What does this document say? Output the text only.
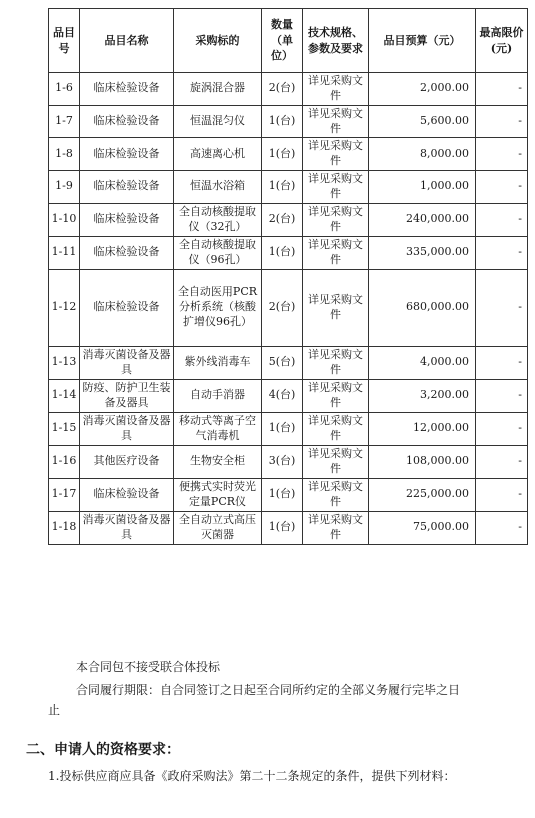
品目号	品目名称	采购标的	数量（单位）	技术规格、参数及要求	品目预算（元）	最高限价(元)
1-6	临床检验设备	旋涡混合器	2(台)	详见采购文件	2,000.00	-
1-7	临床检验设备	恒温混匀仪	1(台)	详见采购文件	5,600.00	-
1-8	临床检验设备	高速离心机	1(台)	详见采购文件	8,000.00	-
1-9	临床检验设备	恒温水浴箱	1(台)	详见采购文件	1,000.00	-
1-10	临床检验设备	全自动核酸提取仪（32孔）	2(台)	详见采购文件	240,000.00	-
1-11	临床检验设备	全自动核酸提取仪（96孔）	1(台)	详见采购文件	335,000.00	-
1-12	临床检验设备	全自动医用PCR分析系统（核酸扩增仪96孔）	2(台)	详见采购文件	680,000.00	-
1-13	消毒灭菌设备及器具	紫外线消毒车	5(台)	详见采购文件	4,000.00	-
1-14	防疫、防护卫生装备及器具	自动手消器	4(台)	详见采购文件	3,200.00	-
1-15	消毒灭菌设备及器具	移动式等离子空气消毒机	1(台)	详见采购文件	12,000.00	-
1-16	其他医疗设备	生物安全柜	3(台)	详见采购文件	108,000.00	-
1-17	临床检验设备	便携式实时荧光定量PCR仪	1(台)	详见采购文件	225,000.00	-
1-18	消毒灭菌设备及器具	全自动立式高压灭菌器	1(台)	详见采购文件	75,000.00	-
本合同包不接受联合体投标
合同履行期限：自合同签订之日起至合同所约定的全部义务履行完毕之日
止
二、申请人的资格要求：
1.投标供应商应具备《政府采购法》第二十二条规定的条件，提供下列材料：
